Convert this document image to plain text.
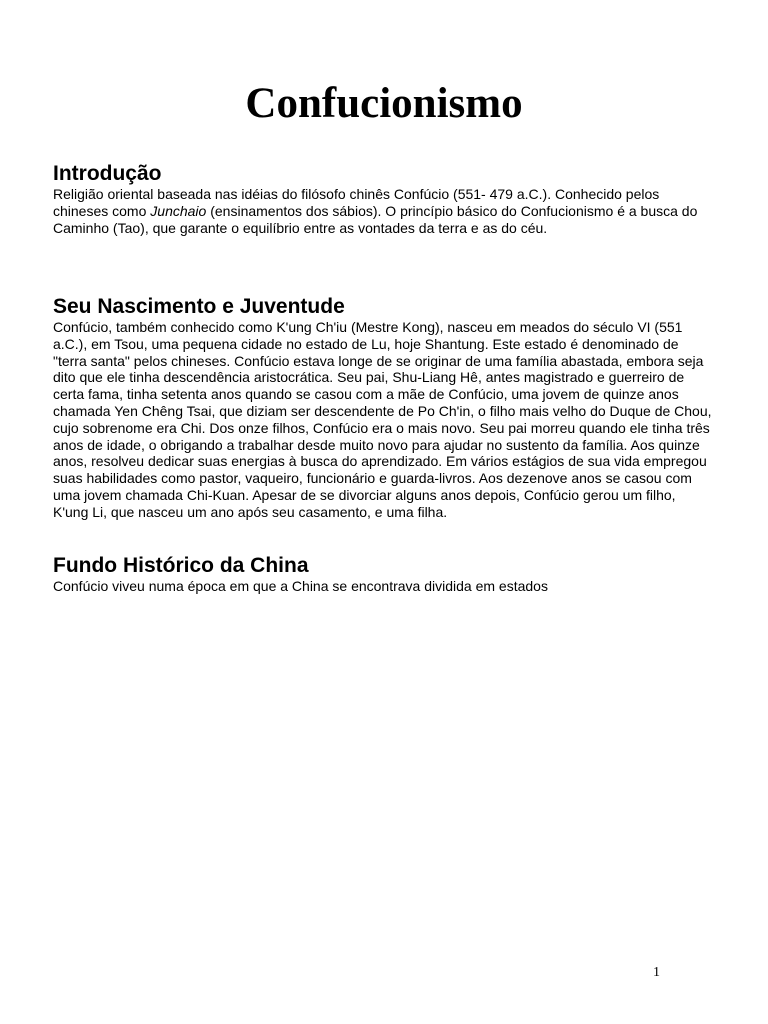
Confucionismo
Introdução

Religião oriental baseada nas idéias do filósofo chinês Confúcio (551- 479 a.C.). Conhecido pelos chineses como Junchaio (ensinamentos dos sábios). O princípio básico do Confucionismo é a busca do Caminho (Tao), que garante o equilíbrio entre as vontades da terra e as do céu.

Seu Nascimento e Juventude

Confúcio, também conhecido como K'ung Ch'iu (Mestre Kong), nasceu em meados do século VI (551 a.C.), em Tsou, uma pequena cidade no estado de Lu, hoje Shantung. Este estado é denominado de "terra santa" pelos chineses. Confúcio estava longe de se originar de uma família abastada, embora seja dito que ele tinha descendência aristocrática. Seu pai, Shu-Liang Hê, antes magistrado e guerreiro de certa fama, tinha setenta anos quando se casou com a mãe de Confúcio, uma jovem de quinze anos chamada Yen Chêng Tsai, que diziam ser descendente de Po Ch'in, o filho mais velho do Duque de Chou, cujo sobrenome era Chi. Dos onze filhos, Confúcio era o mais novo. Seu pai morreu quando ele tinha três anos de idade, o obrigando a trabalhar desde muito novo para ajudar no sustento da família. Aos quinze anos, resolveu dedicar suas energias à busca do aprendizado. Em vários estágios de sua vida empregou suas habilidades como pastor, vaqueiro, funcionário e guarda-livros. Aos dezenove anos se casou com uma jovem chamada Chi-Kuan. Apesar de se divorciar alguns anos depois, Confúcio gerou um filho, K'ung Li, que nasceu um ano após seu casamento, e uma filha.

Fundo Histórico da China

Confúcio viveu numa época em que a China se encontrava dividida em estados

1
